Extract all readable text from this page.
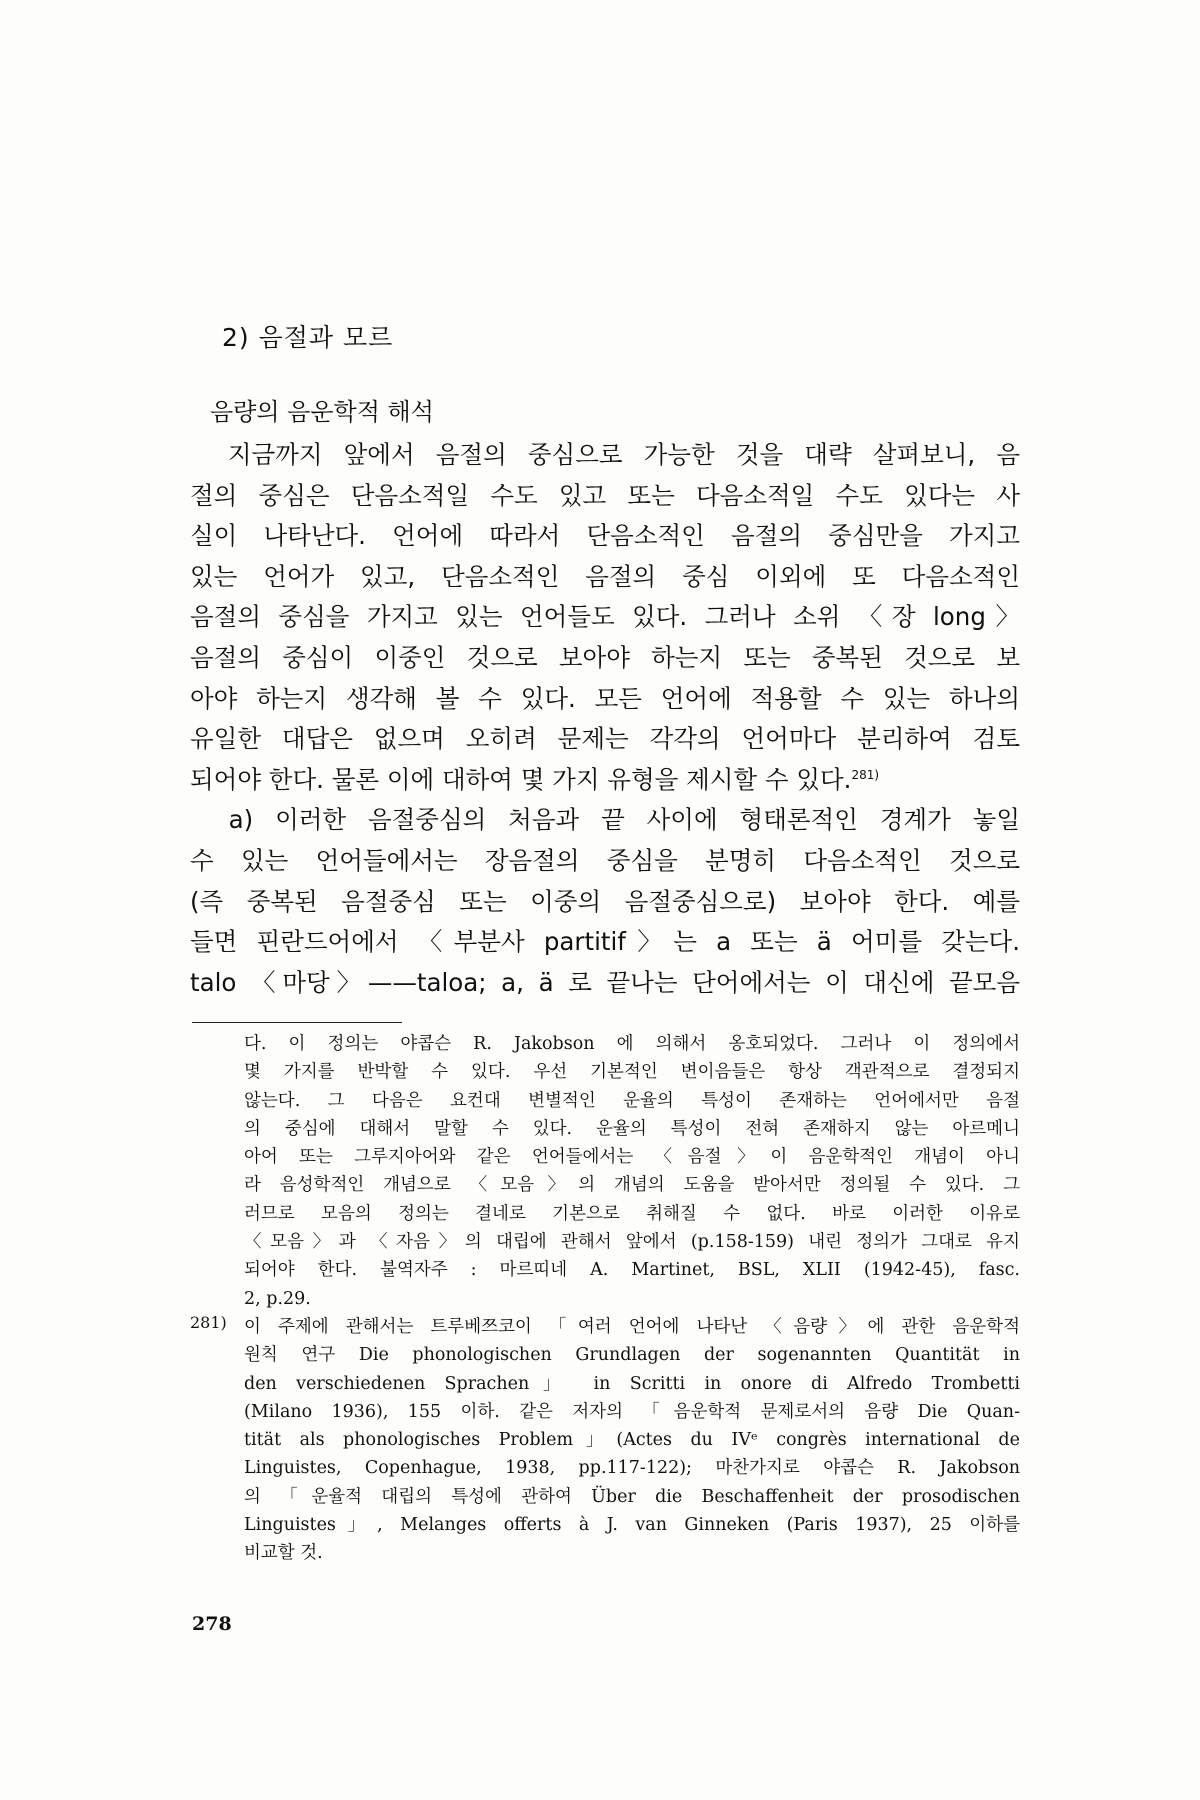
2) 음절과 모르
음량의 음운학적 해석
　지금까지 앞에서 음절의 중심으로 가능한 것을 대략 살펴보니, 음
절의 중심은 단음소적일 수도 있고 또는 다음소적일 수도 있다는 사
실이 나타난다. 언어에 따라서 단음소적인 음절의 중심만을 가지고
있는 언어가 있고, 단음소적인 음절의 중심 이외에 또 다음소적인
음절의 중심을 가지고 있는 언어들도 있다. 그러나 소위 〈장 long〉
음절의 중심이 이중인 것으로 보아야 하는지 또는 중복된 것으로 보
아야 하는지 생각해 볼 수 있다. 모든 언어에 적용할 수 있는 하나의
유일한 대답은 없으며 오히려 문제는 각각의 언어마다 분리하여 검토
되어야 한다. 물론 이에 대하여 몇 가지 유형을 제시할 수 있다.$^{281)}$
　a) 이러한 음절중심의 처음과 끝 사이에 형태론적인 경계가 놓일
수 있는 언어들에서는 장음절의 중심을 분명히 다음소적인 것으로
(즉 중복된 음절중심 또는 이중의 음절중심으로) 보아야 한다. 예를
들면 핀란드어에서 〈부분사 partitif〉는 a 또는 ä 어미를 갖는다.
talo 〈마당〉——taloa; a, ä 로 끝나는 단어에서는 이 대신에 끝모음
다. 이 정의는 야콥슨 R. Jakobson 에 의해서 옹호되었다. 그러나 이 정의에서
몇 가지를 반박할 수 있다. 우선 기본적인 변이음들은 항상 객관적으로 결정되지
않는다. 그 다음은 요컨대 변별적인 운율의 특성이 존재하는 언어에서만 음절
의 중심에 대해서 말할 수 있다. 운율의 특성이 전혀 존재하지 않는 아르메니
아어 또는 그루지아어와 같은 언어들에서는 〈음절〉이 음운학적인 개념이 아니
라 음성학적인 개념으로 〈모음〉의 개념의 도움을 받아서만 정의될 수 있다. 그
러므로 모음의 정의는 결네로 기본으로 취해질 수 없다. 바로 이러한 이유로
〈모음〉과 〈자음〉의 대립에 관해서 앞에서 (p.158-159) 내린 정의가 그대로 유지
되어야 한다. 불역자주 : 마르띠네 A. Martinet, BSL, XLII (1942-45), fasc.
2, p.29.
281) 이 주제에 관해서는 트루베쯔코이 「여러 언어에 나타난 〈음량〉에 관한 음운학적
원칙 연구 Die phonologischen Grundlagen der sogenannten Quantität in
den verschiedenen Sprachen」 in Scritti in onore di Alfredo Trombetti
(Milano 1936), 155 이하. 같은 저자의 「음운학적 문제로서의 음량 Die Quan-
tität als phonologisches Problem」(Actes du IVᵉ congrès international de
Linguistes, Copenhague, 1938, pp.117-122); 마찬가지로 야콥슨 R. Jakobson
의 「운율적 대립의 특성에 관하여 Über die Beschaffenheit der prosodischen
Linguistes」, Melanges offerts à J. van Ginneken (Paris 1937), 25 이하를
비교할 것.
278
